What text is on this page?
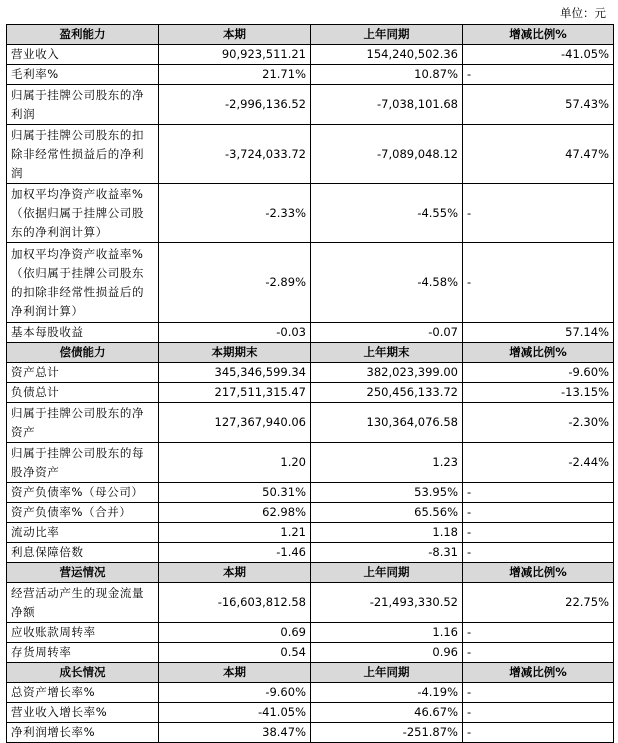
单位：元
盈利能力	本期	上年同期	增减比例%
营业收入	90,923,511.21	154,240,502.36	-41.05%
毛利率%	21.71%	10.87%	-
归属于挂牌公司股东的净利润	-2,996,136.52	-7,038,101.68	57.43%
归属于挂牌公司股东的扣除非经常性损益后的净利润	-3,724,033.72	-7,089,048.12	47.47%
加权平均净资产收益率%（依据归属于挂牌公司股东的净利润计算）	-2.33%	-4.55%	-
加权平均净资产收益率%（依归属于挂牌公司股东的扣除非经常性损益后的净利润计算）	-2.89%	-4.58%	-
基本每股收益	-0.03	-0.07	57.14%
偿债能力	本期期末	上年期末	增减比例%
资产总计	345,346,599.34	382,023,399.00	-9.60%
负债总计	217,511,315.47	250,456,133.72	-13.15%
归属于挂牌公司股东的净资产	127,367,940.06	130,364,076.58	-2.30%
归属于挂牌公司股东的每股净资产	1.20	1.23	-2.44%
资产负债率%（母公司）	50.31%	53.95%	-
资产负债率%（合并）	62.98%	65.56%	-
流动比率	1.21	1.18	-
利息保障倍数	-1.46	-8.31	-
营运情况	本期	上年同期	增减比例%
经营活动产生的现金流量净额	-16,603,812.58	-21,493,330.52	22.75%
应收账款周转率	0.69	1.16	-
存货周转率	0.54	0.96	-
成长情况	本期	上年同期	增减比例%
总资产增长率%	-9.60%	-4.19%	-
营业收入增长率%	-41.05%	46.67%	-
净利润增长率%	38.47%	-251.87%	-
